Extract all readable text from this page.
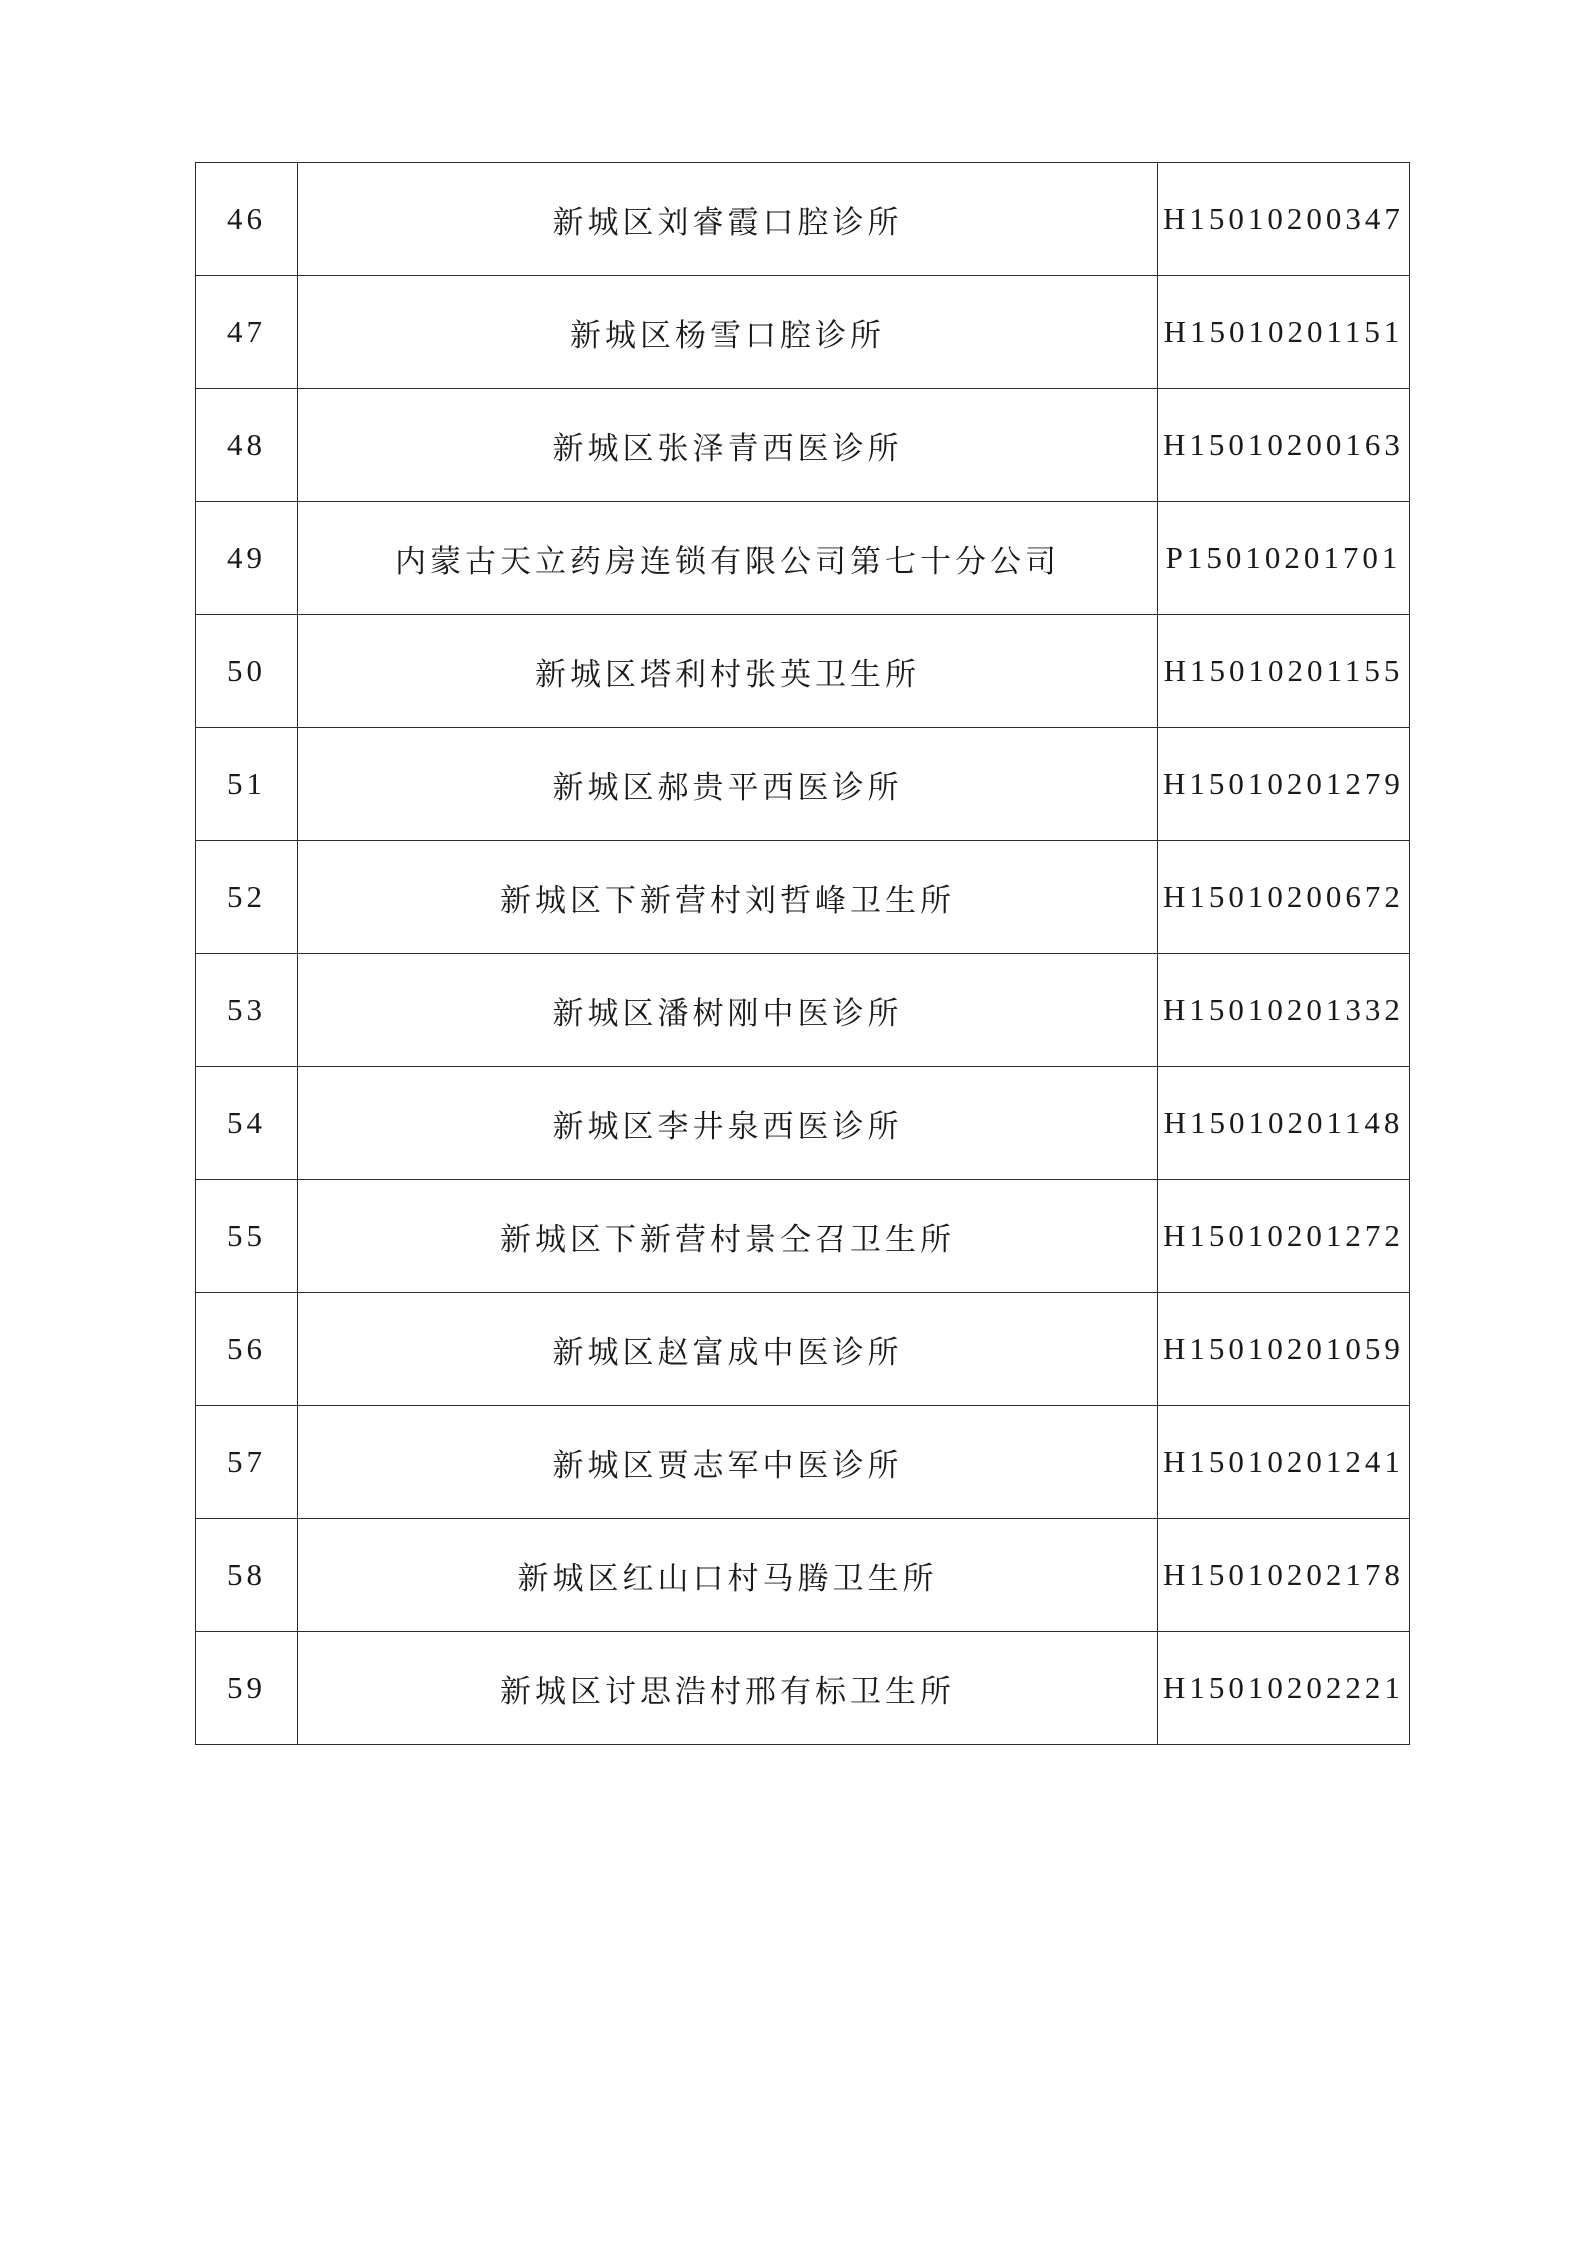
46	新城区刘睿霞口腔诊所	H15010200347
47	新城区杨雪口腔诊所	H15010201151
48	新城区张泽青西医诊所	H15010200163
49	内蒙古天立药房连锁有限公司第七十分公司	P15010201701
50	新城区塔利村张英卫生所	H15010201155
51	新城区郝贵平西医诊所	H15010201279
52	新城区下新营村刘哲峰卫生所	H15010200672
53	新城区潘树刚中医诊所	H15010201332
54	新城区李井泉西医诊所	H15010201148
55	新城区下新营村景仝召卫生所	H15010201272
56	新城区赵富成中医诊所	H15010201059
57	新城区贾志军中医诊所	H15010201241
58	新城区红山口村马腾卫生所	H15010202178
59	新城区讨思浩村邢有标卫生所	H15010202221
